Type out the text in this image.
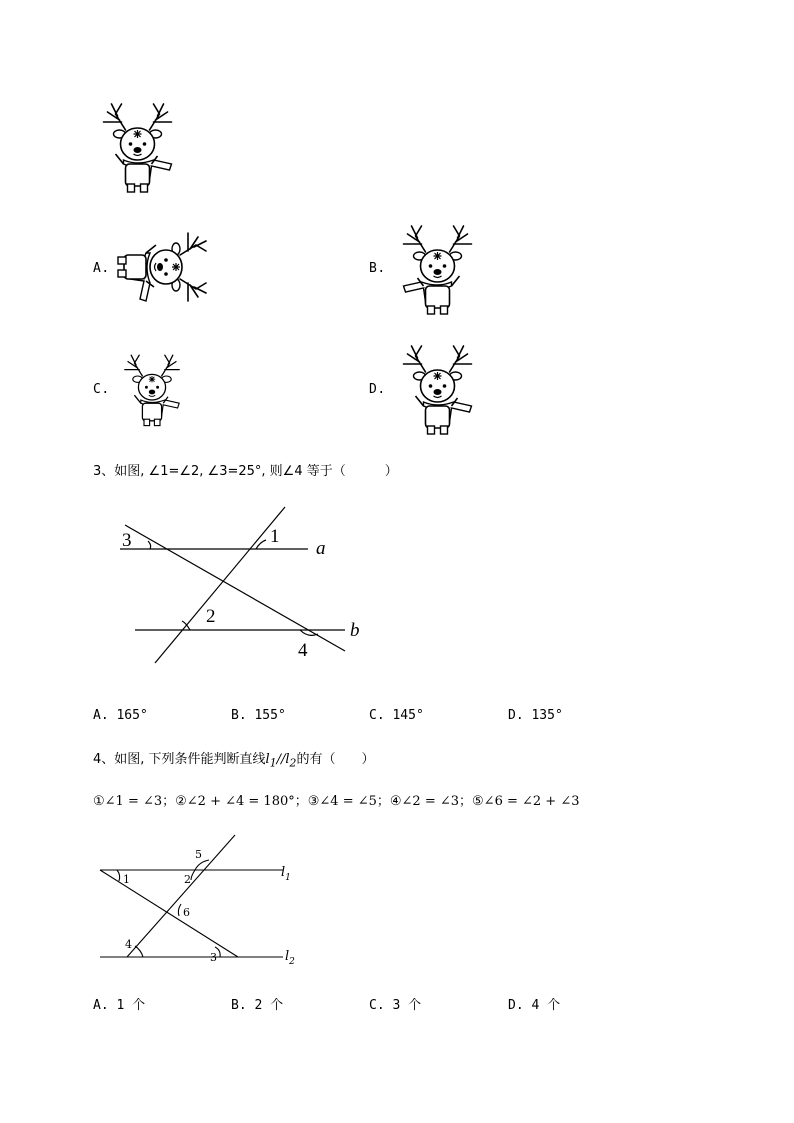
A.	B.
C.	D.
3、如图, ∠1=∠2, ∠3=25°, 则∠4 等于（　　　）
3	1
2
4
a
b
A. 165°	B. 155°	C. 145°	D. 135°
4、如图, 下列条件能判断直线$l_1//l_2$的有（　　）
①∠1 = ∠3；②∠2 + ∠4 = 180°；③∠4 = ∠5；④∠2 = ∠3；⑤∠6 = ∠2 + ∠3
1	2
3
4
5
6
$l_1$
$l_2$
A. 1 个	B. 2 个	C. 3 个	D. 4 个
